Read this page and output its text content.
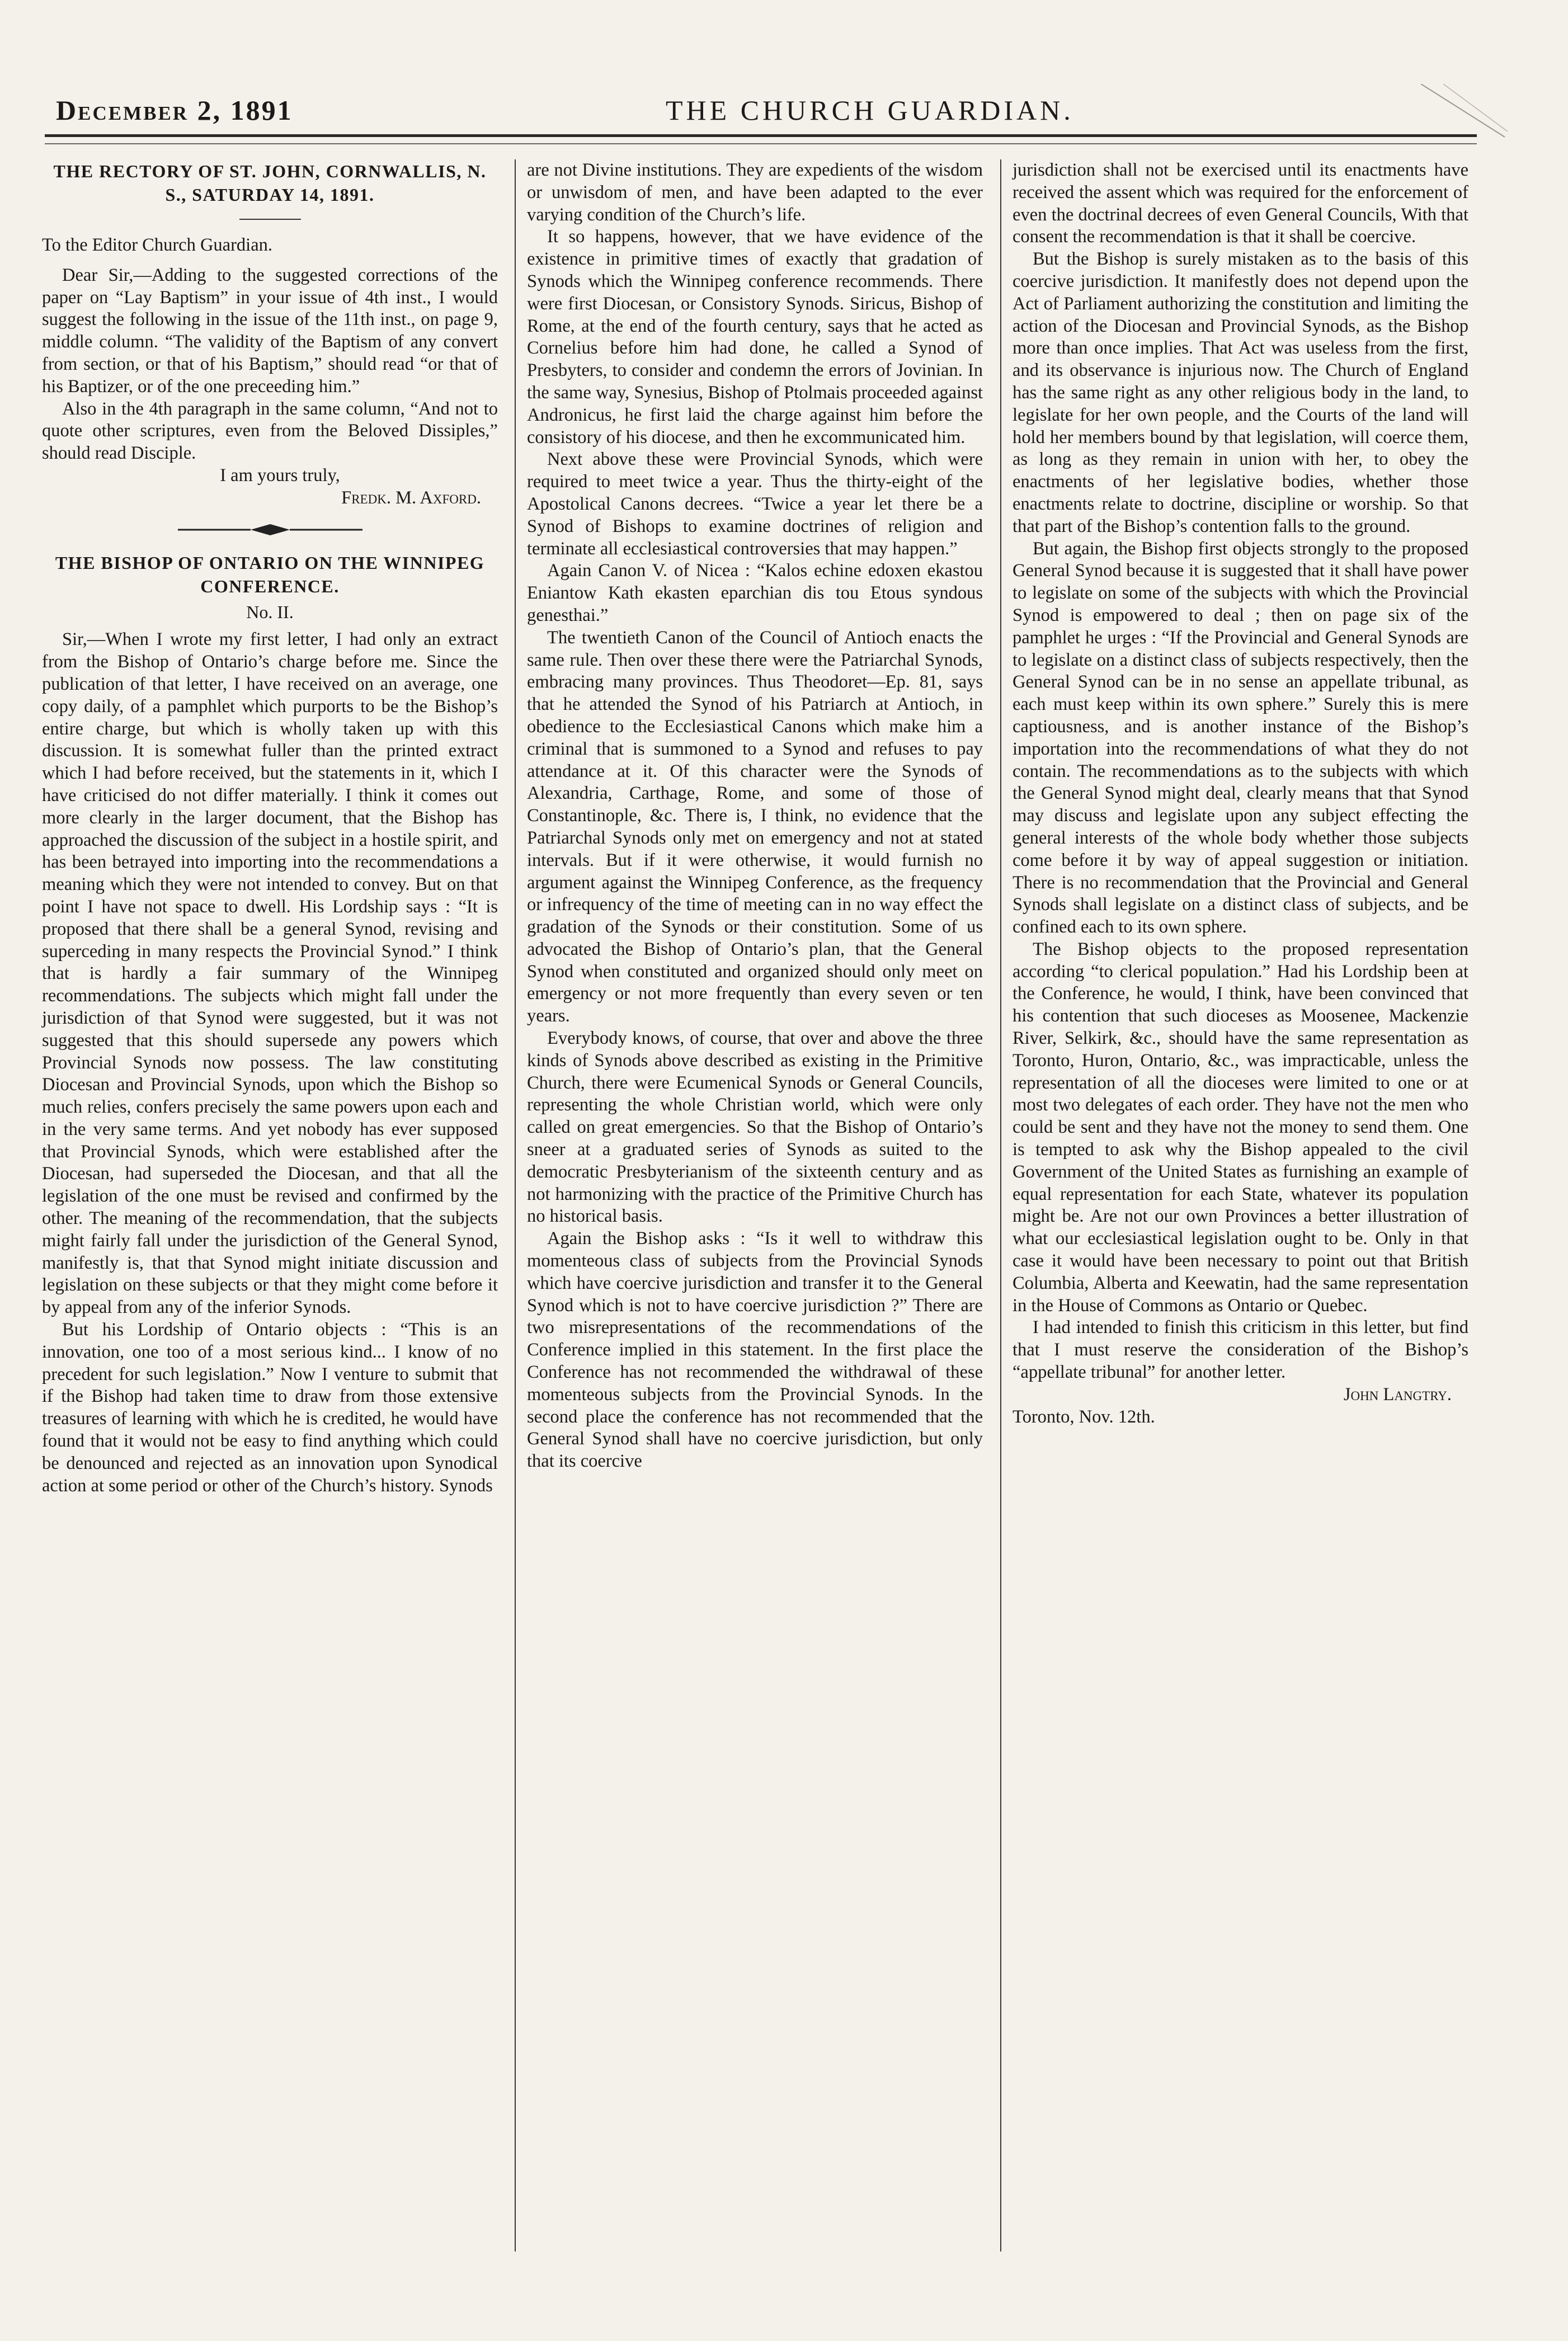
December 2, 1891	THE CHURCH GUARDIAN.
THE RECTORY OF ST. JOHN, CORNWALLIS, N. S., SATURDAY 14, 1891.

To the Editor Church Guardian.

Dear Sir,—Adding to the suggested corrections of the paper on “Lay Baptism” in your issue of 4th inst., I would suggest the following in the issue of the 11th inst., on page 9, middle column. “The validity of the Baptism of any convert from section, or that of his Baptism,” should read “or that of his Baptizer, or of the one preceeding him.”

Also in the 4th paragraph in the same column, “And not to quote other scriptures, even from the Beloved Dissiples,” should read Disciple.

I am yours truly,

Fredk. M. Axford.

THE BISHOP OF ONTARIO ON THE WINNIPEG CONFERENCE.
No. II.

Sir,—When I wrote my first letter, I had only an extract from the Bishop of Ontario’s charge before me. Since the publication of that letter, I have received on an average, one copy daily, of a pamphlet which purports to be the Bishop’s entire charge, but which is wholly taken up with this discussion. It is somewhat fuller than the printed extract which I had before received, but the statements in it, which I have criticised do not differ materially. I think it comes out more clearly in the larger document, that the Bishop has approached the discussion of the subject in a hostile spirit, and has been betrayed into importing into the recommendations a meaning which they were not intended to convey. But on that point I have not space to dwell. His Lordship says : “It is proposed that there shall be a general Synod, revising and superceding in many respects the Provincial Synod.” I think that is hardly a fair summary of the Winnipeg recommendations. The subjects which might fall under the jurisdiction of that Synod were suggested, but it was not suggested that this should supersede any powers which Provincial Synods now possess. The law constituting Diocesan and Provincial Synods, upon which the Bishop so much relies, confers precisely the same powers upon each and in the very same terms. And yet nobody has ever supposed that Provincial Synods, which were established after the Diocesan, had superseded the Diocesan, and that all the legislation of the one must be revised and confirmed by the other. The meaning of the recommendation, that the subjects might fairly fall under the jurisdiction of the General Synod, manifestly is, that that Synod might initiate discussion and legislation on these subjects or that they might come before it by appeal from any of the inferior Synods.

But his Lordship of Ontario objects : “This is an innovation, one too of a most serious kind... I know of no precedent for such legislation.” Now I venture to submit that if the Bishop had taken time to draw from those extensive treasures of learning with which he is credited, he would have found that it would not be easy to find anything which could be denounced and rejected as an innovation upon Synodical action at some period or other of the Church’s history. Synods

are not Divine institutions. They are expedients of the wisdom or unwisdom of men, and have been adapted to the ever varying condition of the Church’s life.

It so happens, however, that we have evidence of the existence in primitive times of exactly that gradation of Synods which the Winnipeg conference recommends. There were first Diocesan, or Consistory Synods. Siricus, Bishop of Rome, at the end of the fourth century, says that he acted as Cornelius before him had done, he called a Synod of Presbyters, to consider and condemn the errors of Jovinian. In the same way, Synesius, Bishop of Ptolmais proceeded against Andronicus, he first laid the charge against him before the consistory of his diocese, and then he excommunicated him.

Next above these were Provincial Synods, which were required to meet twice a year. Thus the thirty-eight of the Apostolical Canons decrees. “Twice a year let there be a Synod of Bishops to examine doctrines of religion and terminate all ecclesiastical controversies that may happen.”

Again Canon V. of Nicea : “Kalos echine edoxen ekastou Eniantow Kath ekasten eparchian dis tou Etous syndous genesthai.”

The twentieth Canon of the Council of Antioch enacts the same rule. Then over these there were the Patriarchal Synods, embracing many provinces. Thus Theodoret—Ep. 81, says that he attended the Synod of his Patriarch at Antioch, in obedience to the Ecclesiastical Canons which make him a criminal that is summoned to a Synod and refuses to pay attendance at it. Of this character were the Synods of Alexandria, Carthage, Rome, and some of those of Constantinople, &c. There is, I think, no evidence that the Patriarchal Synods only met on emergency and not at stated intervals. But if it were otherwise, it would furnish no argument against the Winnipeg Conference, as the frequency or infrequency of the time of meeting can in no way effect the gradation of the Synods or their constitution. Some of us advocated the Bishop of Ontario’s plan, that the General Synod when constituted and organized should only meet on emergency or not more frequently than every seven or ten years.

Everybody knows, of course, that over and above the three kinds of Synods above described as existing in the Primitive Church, there were Ecumenical Synods or General Councils, representing the whole Christian world, which were only called on great emergencies. So that the Bishop of Ontario’s sneer at a graduated series of Synods as suited to the democratic Presbyterianism of the sixteenth century and as not harmonizing with the practice of the Primitive Church has no historical basis.

Again the Bishop asks : “Is it well to withdraw this momenteous class of subjects from the Provincial Synods which have coercive jurisdiction and transfer it to the General Synod which is not to have coercive jurisdiction ?” There are two misrepresentations of the recommendations of the Conference implied in this statement. In the first place the Conference has not recommended the withdrawal of these momenteous subjects from the Provincial Synods. In the second place the conference has not recommended that the General Synod shall have no coercive jurisdiction, but only that its coercive

jurisdiction shall not be exercised until its enactments have received the assent which was required for the enforcement of even the doctrinal decrees of even General Councils, With that consent the recommendation is that it shall be coercive.

But the Bishop is surely mistaken as to the basis of this coercive jurisdiction. It manifestly does not depend upon the Act of Parliament authorizing the constitution and limiting the action of the Diocesan and Provincial Synods, as the Bishop more than once implies. That Act was useless from the first, and its observance is injurious now. The Church of England has the same right as any other religious body in the land, to legislate for her own people, and the Courts of the land will hold her members bound by that legislation, will coerce them, as long as they remain in union with her, to obey the enactments of her legislative bodies, whether those enactments relate to doctrine, discipline or worship. So that that part of the Bishop’s contention falls to the ground.

But again, the Bishop first objects strongly to the proposed General Synod because it is suggested that it shall have power to legislate on some of the subjects with which the Provincial Synod is empowered to deal ; then on page six of the pamphlet he urges : “If the Provincial and General Synods are to legislate on a distinct class of subjects respectively, then the General Synod can be in no sense an appellate tribunal, as each must keep within its own sphere.” Surely this is mere captiousness, and is another instance of the Bishop’s importation into the recommendations of what they do not contain. The recommendations as to the subjects with which the General Synod might deal, clearly means that that Synod may discuss and legislate upon any subject effecting the general interests of the whole body whether those subjects come before it by way of appeal suggestion or initiation. There is no recommendation that the Provincial and General Synods shall legislate on a distinct class of subjects, and be confined each to its own sphere.

The Bishop objects to the proposed representation according “to clerical population.” Had his Lordship been at the Conference, he would, I think, have been convinced that his contention that such dioceses as Moosenee, Mackenzie River, Selkirk, &c., should have the same representation as Toronto, Huron, Ontario, &c., was impracticable, unless the representation of all the dioceses were limited to one or at most two delegates of each order. They have not the men who could be sent and they have not the money to send them. One is tempted to ask why the Bishop appealed to the civil Government of the United States as furnishing an example of equal representation for each State, whatever its population might be. Are not our own Provinces a better illustration of what our ecclesiastical legislation ought to be. Only in that case it would have been necessary to point out that British Columbia, Alberta and Keewatin, had the same representation in the House of Commons as Ontario or Quebec.

I had intended to finish this criticism in this letter, but find that I must reserve the consideration of the Bishop’s “appellate tribunal” for another letter.

John Langtry.

Toronto, Nov. 12th.
